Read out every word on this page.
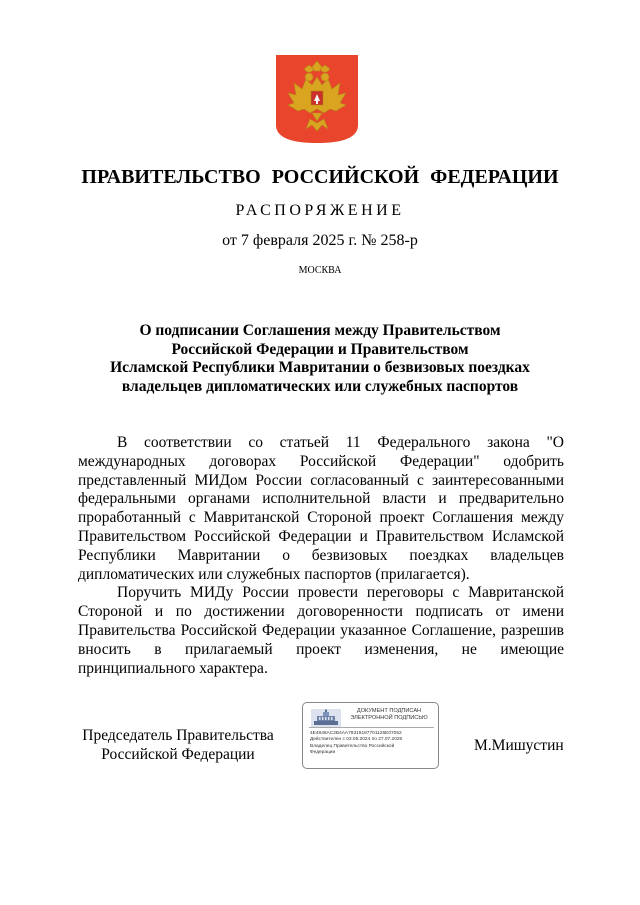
ПРАВИТЕЛЬСТВО РОССИЙСКОЙ ФЕДЕРАЦИИ
РАСПОРЯЖЕНИЕ
от 7 февраля 2025 г. № 258-р
МОСКВА
О подписании Соглашения между Правительством
Российской Федерации и Правительством
Исламской Республики Мавритании о безвизовых поездках
владельцев дипломатических или служебных паспортов

В соответствии со статьей 11 Федерального закона "О международных договорах Российской Федерации" одобрить представленный МИДом России согласованный с заинтересованными федеральными органами исполнительной власти и предварительно проработанный с Мавританской Стороной проект Соглашения между Правительством Российской Федерации и Правительством Исламской Республики Мавритании о безвизовых поездках владельцев дипломатических или служебных паспортов (прилагается).

Поручить МИДу России провести переговоры с Мавританской Стороной и по достижении договоренности подписать от имени Правительства Российской Федерации указанное Соглашение, разрешив вносить в прилагаемый проект изменения, не имеющие принципиального характера.

Председатель Правительства
Российской Федерации
ДОКУМЕНТ ПОДПИСАН
ЭЛЕКТРОННОЙ ПОДПИСЬЮ
4E4848AC2B4AA79319187701126E07062
Действителен с 03.05.2024 по 27.07.2025
Владелец Правительство Российской
Федерации	М.Мишустин
